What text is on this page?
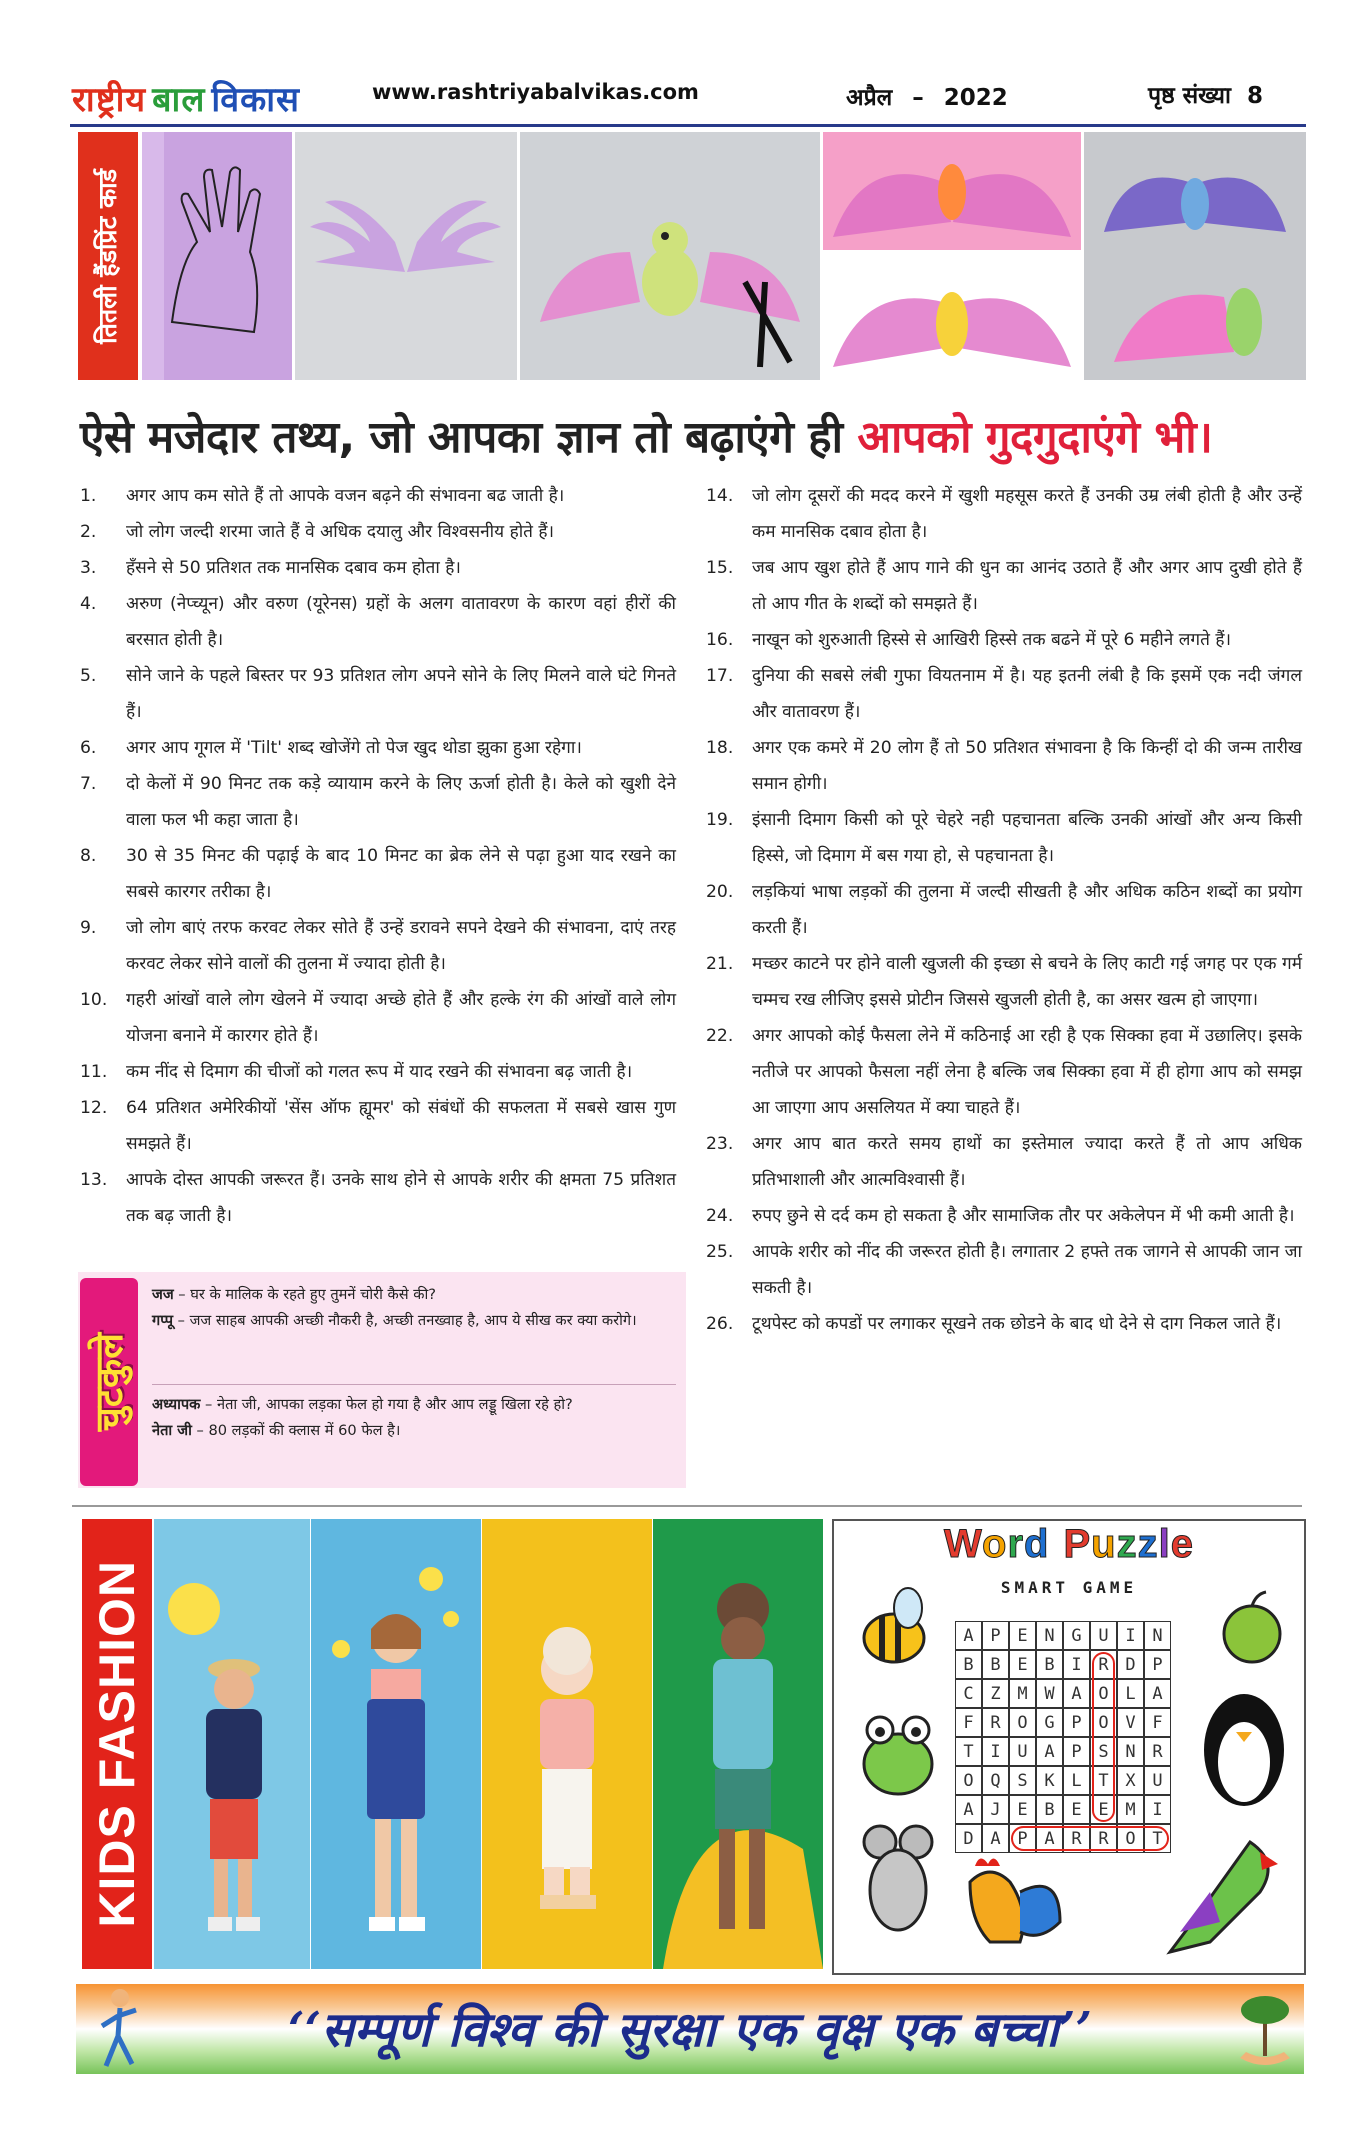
राष्ट्रीय बाल विकास	www.rashtriyabalvikas.com	अप्रैल – 2022	पृष्ठ संख्या 8
तितली हैंडप्रिंट कार्ड
ऐसे मजेदार तथ्य, जो आपका ज्ञान तो बढ़ाएंगे ही आपको गुदगुदाएंगे भी।
1.	अगर आप कम सोते हैं तो आपके वजन बढ़ने की संभावना बढ जाती है।
2.	जो लोग जल्दी शरमा जाते हैं वे अधिक दयालु और विश्वसनीय होते हैं।
3.	हँसने से 50 प्रतिशत तक मानसिक दबाव कम होता है।
4.	अरुण (नेप्च्यून) और वरुण (यूरेनस) ग्रहों के अलग वातावरण के कारण वहां हीरों की बरसात होती है।
5.	सोने जाने के पहले बिस्तर पर 93 प्रतिशत लोग अपने सोने के लिए मिलने वाले घंटे गिनते हैं।
6.	अगर आप गूगल में 'Tilt' शब्द खोजेंगे तो पेज खुद थोडा झुका हुआ रहेगा।
7.	दो केलों में 90 मिनट तक कड़े व्यायाम करने के लिए ऊर्जा होती है। केले को खुशी देने वाला फल भी कहा जाता है।
8.	30 से 35 मिनट की पढ़ाई के बाद 10 मिनट का ब्रेक लेने से पढ़ा हुआ याद रखने का सबसे कारगर तरीका है।
9.	जो लोग बाएं तरफ करवट लेकर सोते हैं उन्हें डरावने सपने देखने की संभावना, दाएं तरह करवट लेकर सोने वालों की तुलना में ज्यादा होती है।
10.	गहरी आंखों वाले लोग खेलने में ज्यादा अच्छे होते हैं और हल्के रंग की आंखों वाले लोग योजना बनाने में कारगर होते हैं।
11.	कम नींद से दिमाग की चीजों को गलत रूप में याद रखने की संभावना बढ़ जाती है।
12.	64 प्रतिशत अमेरिकीयों 'सेंस ऑफ ह्यूमर' को संबंधों की सफलता में सबसे खास गुण समझते हैं।
13.	आपके दोस्त आपकी जरूरत हैं। उनके साथ होने से आपके शरीर की क्षमता 75 प्रतिशत तक बढ़ जाती है।
14.	जो लोग दूसरों की मदद करने में खुशी महसूस करते हैं उनकी उम्र लंबी होती है और उन्हें कम मानसिक दबाव होता है।
15.	जब आप खुश होते हैं आप गाने की धुन का आनंद उठाते हैं और अगर आप दुखी होते हैं तो आप गीत के शब्दों को समझते हैं।
16.	नाखून को शुरुआती हिस्से से आखिरी हिस्से तक बढने में पूरे 6 महीने लगते हैं।
17.	दुनिया की सबसे लंबी गुफा वियतनाम में है। यह इतनी लंबी है कि इसमें एक नदी जंगल और वातावरण हैं।
18.	अगर एक कमरे में 20 लोग हैं तो 50 प्रतिशत संभावना है कि किन्हीं दो की जन्म तारीख समान होगी।
19.	इंसानी दिमाग किसी को पूरे चेहरे नही पहचानता बल्कि उनकी आंखों और अन्य किसी हिस्से, जो दिमाग में बस गया हो, से पहचानता है।
20.	लड़कियां भाषा लड़कों की तुलना में जल्दी सीखती है और अधिक कठिन शब्दों का प्रयोग करती हैं।
21.	मच्छर काटने पर होने वाली खुजली की इच्छा से बचने के लिए काटी गई जगह पर एक गर्म चम्मच रख लीजिए इससे प्रोटीन जिससे खुजली होती है, का असर खत्म हो जाएगा।
22.	अगर आपको कोई फैसला लेने में कठिनाई आ रही है एक सिक्का हवा में उछालिए। इसके नतीजे पर आपको फैसला नहीं लेना है बल्कि जब सिक्का हवा में ही होगा आप को समझ आ जाएगा आप असलियत में क्या चाहते हैं।
23.	अगर आप बात करते समय हाथों का इस्तेमाल ज्यादा करते हैं तो आप अधिक प्रतिभाशाली और आत्मविश्वासी हैं।
24.	रुपए छुने से दर्द कम हो सकता है और सामाजिक तौर पर अकेलेपन में भी कमी आती है।
25.	आपके शरीर को नींद की जरूरत होती है। लगातार 2 हफ्ते तक जागने से आपकी जान जा सकती है।
26.	टूथपेस्ट को कपडों पर लगाकर सूखने तक छोडने के बाद धो देने से दाग निकल जाते हैं।
चुटकुले
जज – घर के मालिक के रहते हुए तुमनें चोरी कैसे की?
गप्पू – जज साहब आपकी अच्छी नौकरी है, अच्छी तनख्वाह है, आप ये सीख कर क्या करोगे।
अध्यापक – नेता जी, आपका लड़का फेल हो गया है और आप लड्डू खिला रहे हो?
नेता जी – 80 लड़कों की क्लास में 60 फेल है।
KIDS FASHION
Word Puzzle
SMART GAME
A P E N G U I N
B B E B I R D P
C Z M W A O L A
F R O G P O V F
T I U A P S N R
O Q S K L T X U
A J E B E E M I
D A P A R R O T
‘‘सम्पूर्ण विश्व की सुरक्षा एक वृक्ष एक बच्चा’’
